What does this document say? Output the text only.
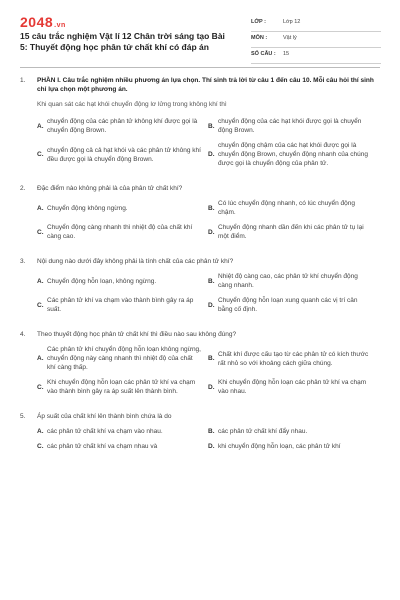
2048.vn
15 câu trắc nghiệm Vật lí 12 Chân trời sáng tạo Bài 5: Thuyết động học phân tử chất khí có đáp án
LỚP :	Lớp 12
MÔN :	Vật lý
SỐ CÂU : 15
1.	PHẦN I. Câu trắc nghiệm nhiều phương án lựa chọn. Thí sinh trả lời từ câu 1 đến câu 10. Mỗi câu hỏi thí sinh chỉ lựa chọn một phương án.
Khi quan sát các hạt khói chuyển động lơ lửng trong không khí thì
A.
chuyển động của các phân tử không khí được gọi là chuyển động Brown.
B.
chuyển động của các hạt khói được gọi là chuyển động Brown.
C.
chuyển động cả cả hạt khói và các phân tử không khí đều được gọi là chuyển động Brown.
D.
chuyển động chậm của các hạt khói được gọi là chuyển động Brown, chuyển động nhanh của chúng được gọi là chuyển động của phân tử.
2.	Đặc điểm nào không phải là của phân tử chất khí?
A. Chuyển động không ngừng.	B.
Có lúc chuyển động nhanh, có lúc chuyển động chậm.
C.
Chuyển động càng nhanh thì nhiệt độ của chất khí càng cao.
D.
Chuyển động nhanh dần đến khi các phân tử tụ lại một điểm.
3.	Nội dung nào dưới đây không phải là tính chất của các phân tử khí?
A. Chuyển động hỗn loạn, không ngừng.	B.
Nhiệt độ càng cao, các phân tử khí chuyển động càng nhanh.
C.
Các phân tử khí va chạm vào thành bình gây ra áp suất.
D.
Chuyển động hỗn loạn xung quanh các vị trí cân bằng cố định.
4.	Theo thuyết động học phân tử chất khí thì điều nào sau không đúng?
A.
Các phân tử khí chuyển động hỗn loạn không ngừng, chuyển động này càng nhanh thì nhiệt độ của chất khí càng thấp.
B.
Chất khí được cấu tạo từ các phân tử có kích thước rất nhỏ so với khoảng cách giữa chúng.
C.
Khi chuyển động hỗn loạn các phân tử khí va chạm vào thành bình gây ra áp suất lên thành bình.
D.
Khi chuyển động hỗn loạn các phân tử khí va chạm vào nhau.
5.	Áp suất của chất khí lên thành bình chứa là do
A. các phân tử chất khí va chạm vào nhau.	B. các phân tử chất khí đẩy nhau.
C. các phân tử chất khí va chạm nhau và	D. khi chuyển động hỗn loạn, các phân tử khí
